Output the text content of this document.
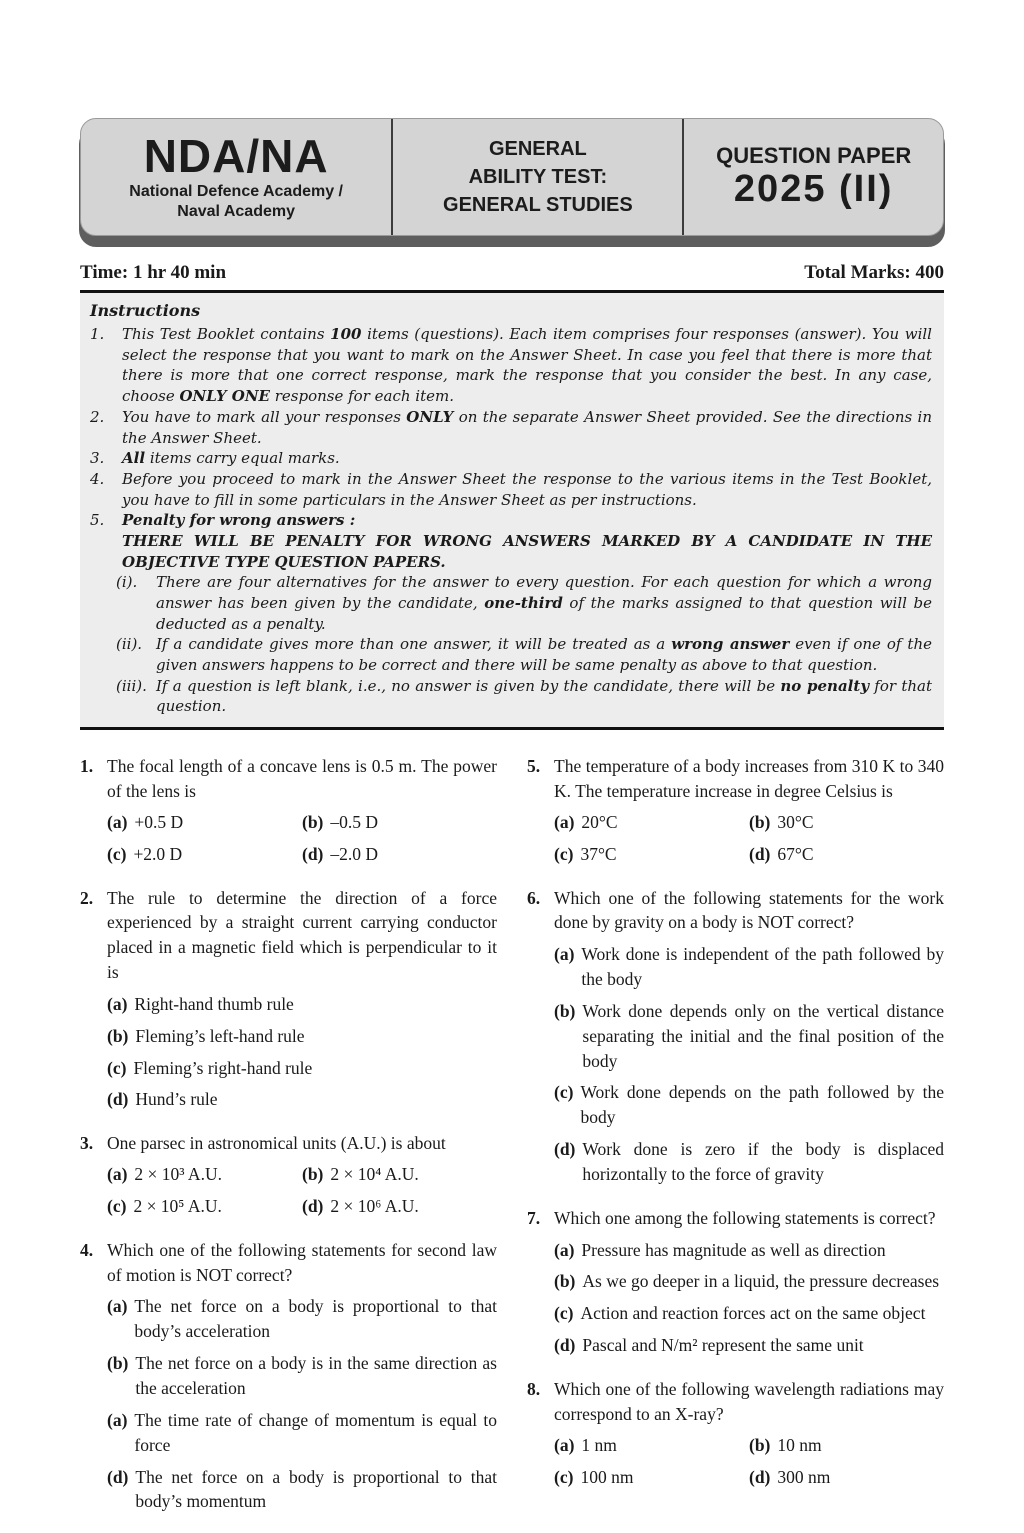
NDA/NA
National Defence Academy /
Naval Academy
GENERAL
ABILITY TEST:
GENERAL STUDIES
QUESTION PAPER
2025 (II)
Time: 1 hr 40 min	Total Marks: 400
Instructions
1.	This Test Booklet contains 100 items (questions). Each item comprises four responses (answer). You will select the response that you want to mark on the Answer Sheet. In case you feel that there is more that there is more that one correct response, mark the response that you consider the best. In any case, choose ONLY ONE response for each item.
2.	You have to mark all your responses ONLY on the separate Answer Sheet provided. See the directions in the Answer Sheet.
3.	All items carry equal marks.
4.	Before you proceed to mark in the Answer Sheet the response to the various items in the Test Booklet, you have to fill in some particulars in the Answer Sheet as per instructions.
5.	Penalty for wrong answers :
THERE WILL BE PENALTY FOR WRONG ANSWERS MARKED BY A CANDIDATE IN THE OBJECTIVE TYPE QUESTION PAPERS.
(i).	There are four alternatives for the answer to every question. For each question for which a wrong answer has been given by the candidate, one-third of the marks assigned to that question will be deducted as a penalty.
(ii). If a candidate gives more than one answer, it will be treated as a wrong answer even if one of the given answers happens to be correct and there will be same penalty as above to that question.
(iii). If a question is left blank, i.e., no answer is given by the candidate, there will be no penalty for that question.
1. The focal length of a concave lens is 0.5 m. The power of the lens is
(a) +0.5 D	(b) –0.5 D
(c) +2.0 D	(d) –2.0 D
2. The rule to determine the direction of a force experienced by a straight current carrying conductor placed in a magnetic field which is perpendicular to it is
(a) Right-hand thumb rule
(b) Fleming’s left-hand rule
(c) Fleming’s right-hand rule
(d) Hund’s rule
3. One parsec in astronomical units (A.U.) is about
(a) 2 × 10³ A.U.	(b) 2 × 10⁴ A.U.
(c) 2 × 10⁵ A.U.	(d) 2 × 10⁶ A.U.
4. Which one of the following statements for second law of motion is NOT correct?
(a) The net force on a body is proportional to that body’s acceleration
(b) The net force on a body is in the same direction as the acceleration
(a) The time rate of change of momentum is equal to force
(d) The net force on a body is proportional to that body’s momentum
5. The temperature of a body increases from 310 K to 340 K. The temperature increase in degree Celsius is
(a) 20°C	(b) 30°C
(c) 37°C	(d) 67°C
6. Which one of the following statements for the work done by gravity on a body is NOT correct?
(a) Work done is independent of the path followed by the body
(b) Work done depends only on the vertical distance separating the initial and the final position of the body
(c) Work done depends on the path followed by the body
(d) Work done is zero if the body is displaced horizontally to the force of gravity
7. Which one among the following statements is correct?
(a) Pressure has magnitude as well as direction
(b) As we go deeper in a liquid, the pressure decreases
(c) Action and reaction forces act on the same object
(d) Pascal and N/m² represent the same unit
8. Which one of the following wavelength radiations may correspond to an X-ray?
(a) 1 nm	(b) 10 nm
(c) 100 nm	(d) 300 nm
